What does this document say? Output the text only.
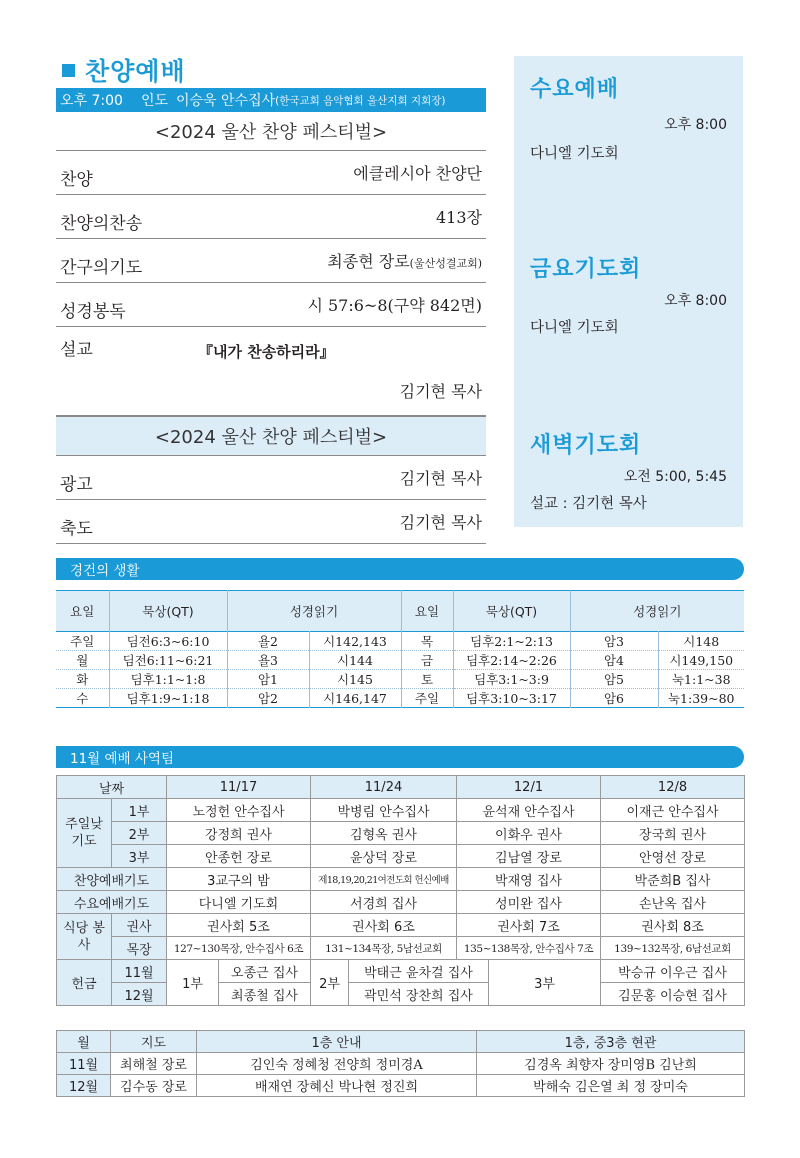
찬양예배
오후 7:00 인도 이승욱 안수집사 (한국교회 음악협회 울산지회 지회장)
<2024 울산 찬양 페스티벌>
찬양	에클레시아 찬양단
찬양의찬송	413장
간구의기도	최종현 장로(울산성결교회)
성경봉독	시 57:6~8(구약 842면)
설교	『내가 찬송하리라』
김기현 목사
<2024 울산 찬양 페스티벌>
광고	김기현 목사
축도	김기현 목사
수요예배
오후 8:00
다니엘 기도회
금요기도회
오후 8:00
다니엘 기도회
새벽기도회
오전 5:00, 5:45
설교 : 김기현 목사
경건의 생활
요일	묵상(QT)	성경읽기		요일	묵상(QT)	성경읽기	
주일	딤전6:3~6:10	욜2	시142,143	목	딤후2:1~2:13	암3	시148
월	딤전6:11~6:21	욜3	시144	금	딤후2:14~2:26	암4	시149,150
화	딤후1:1~1:8	암1	시145	토	딤후3:1~3:9	암5	눅1:1~38
수	딤후1:9~1:18	암2	시146,147	주일	딤후3:10~3:17	암6	눅1:39~80
11월 예배 사역팀
날짜		11/17		11/24		12/1		12/8
주일낮 기도	1부	노정헌 안수집사		박병림 안수집사		윤석재 안수집사		이재근 안수집사
	2부	강정희 권사		김형옥 권사		이화우 권사		장국희 권사
	3부	안종헌 장로		윤상덕 장로		김남열 장로		안영선 장로
찬양예배기도		3교구의 밤		제18,19,20,21여전도회 헌신예배		박재영 집사		박준희B 집사
수요예배기도		다니엘 기도회		서경희 집사		성미완 집사		손난옥 집사
식당 봉사	권사	권사회 5조		권사회 6조		권사회 7조		권사회 8조
	목장	127~130목장, 안수집사 6조		131~134목장, 5남선교회		135~138목장, 안수집사 7조		139~132목장, 6남선교회
헌금	11월	1부	오종근 집사	2부	박태근 윤차걸 집사		3부	박승규 이우근 집사
	12월		최종철 집사		곽민석 장찬희 집사			김문홍 이승현 집사
월	지도	1층 안내	1층, 중3층 현관
11월	최해철 장로	김인숙 정혜청 전양희 정미경A	김경옥 최향자 장미영B 김난희
12월	김수동 장로	배재연 장혜신 박나현 정진희	박해숙 김은열 최 정 장미숙
